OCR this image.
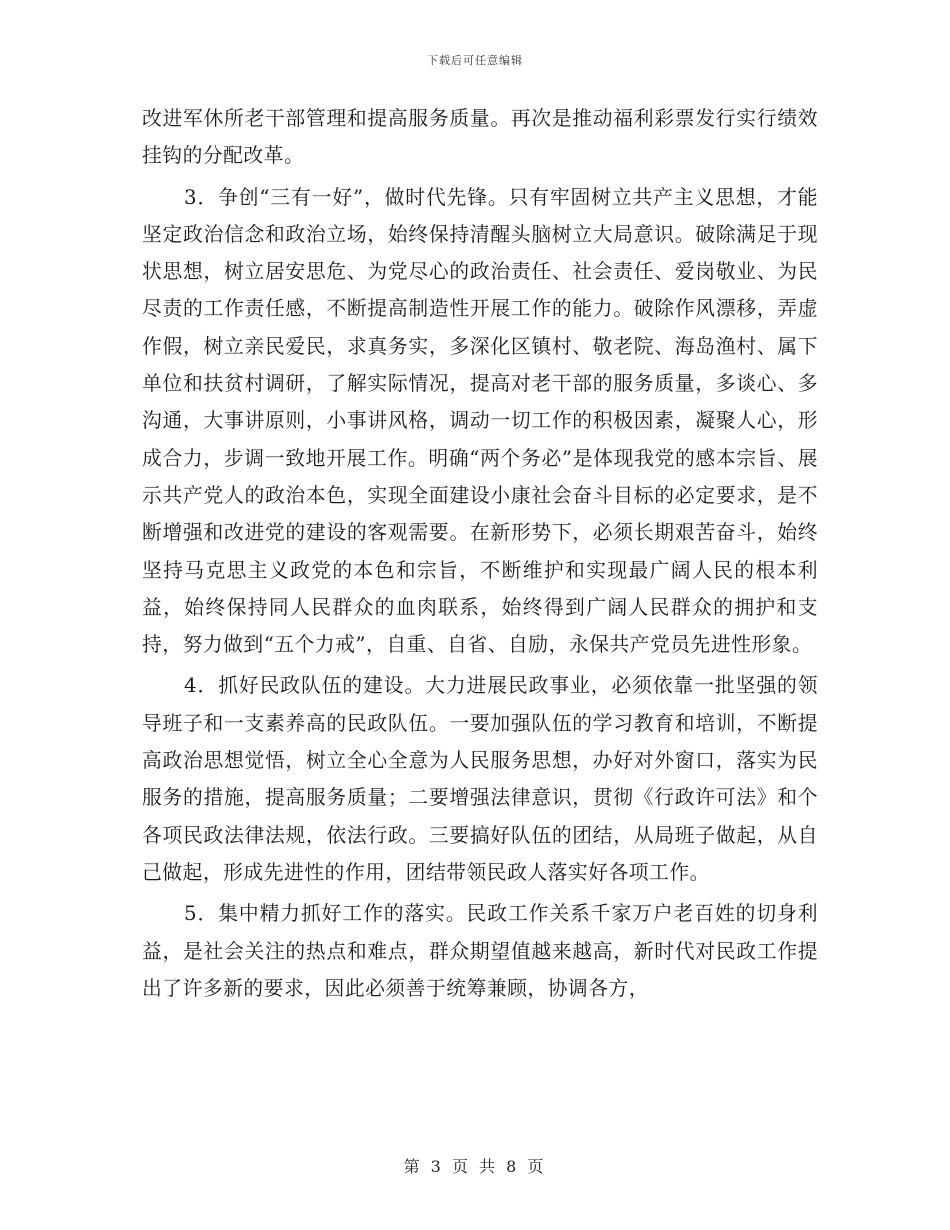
下载后可任意编辑

改进军休所老干部管理和提高服务质量。再次是推动福利彩票发行实行绩效挂钩的分配改革。

3．争创“三有一好”，做时代先锋。只有牢固树立共产主义思想，才能坚定政治信念和政治立场，始终保持清醒头脑树立大局意识。破除满足于现状思想，树立居安思危、为党尽心的政治责任、社会责任、爱岗敬业、为民尽责的工作责任感，不断提高制造性开展工作的能力。破除作风漂移，弄虚作假，树立亲民爱民，求真务实，多深化区镇村、敬老院、海岛渔村、属下单位和扶贫村调研，了解实际情况，提高对老干部的服务质量，多谈心、多沟通，大事讲原则，小事讲风格，调动一切工作的积极因素，凝聚人心，形成合力，步调一致地开展工作。明确“两个务必”是体现我党的感本宗旨、展示共产党人的政治本色，实现全面建设小康社会奋斗目标的必定要求，是不断增强和改进党的建设的客观需要。在新形势下，必须长期艰苦奋斗，始终坚持马克思主义政党的本色和宗旨，不断维护和实现最广阔人民的根本利益，始终保持同人民群众的血肉联系，始终得到广阔人民群众的拥护和支持，努力做到“五个力戒”，自重、自省、自励，永保共产党员先进性形象。

4．抓好民政队伍的建设。大力进展民政事业，必须依靠一批坚强的领导班子和一支素养高的民政队伍。一要加强队伍的学习教育和培训，不断提高政治思想觉悟，树立全心全意为人民服务思想，办好对外窗口，落实为民服务的措施，提高服务质量；二要增强法律意识，贯彻《行政许可法》和个各项民政法律法规，依法行政。三要搞好队伍的团结，从局班子做起，从自己做起，形成先进性的作用，团结带领民政人落实好各项工作。

5．集中精力抓好工作的落实。民政工作关系千家万户老百姓的切身利益，是社会关注的热点和难点，群众期望值越来越高，新时代对民政工作提出了许多新的要求，因此必须善于统筹兼顾，协调各方，

第 3 页 共 8 页
